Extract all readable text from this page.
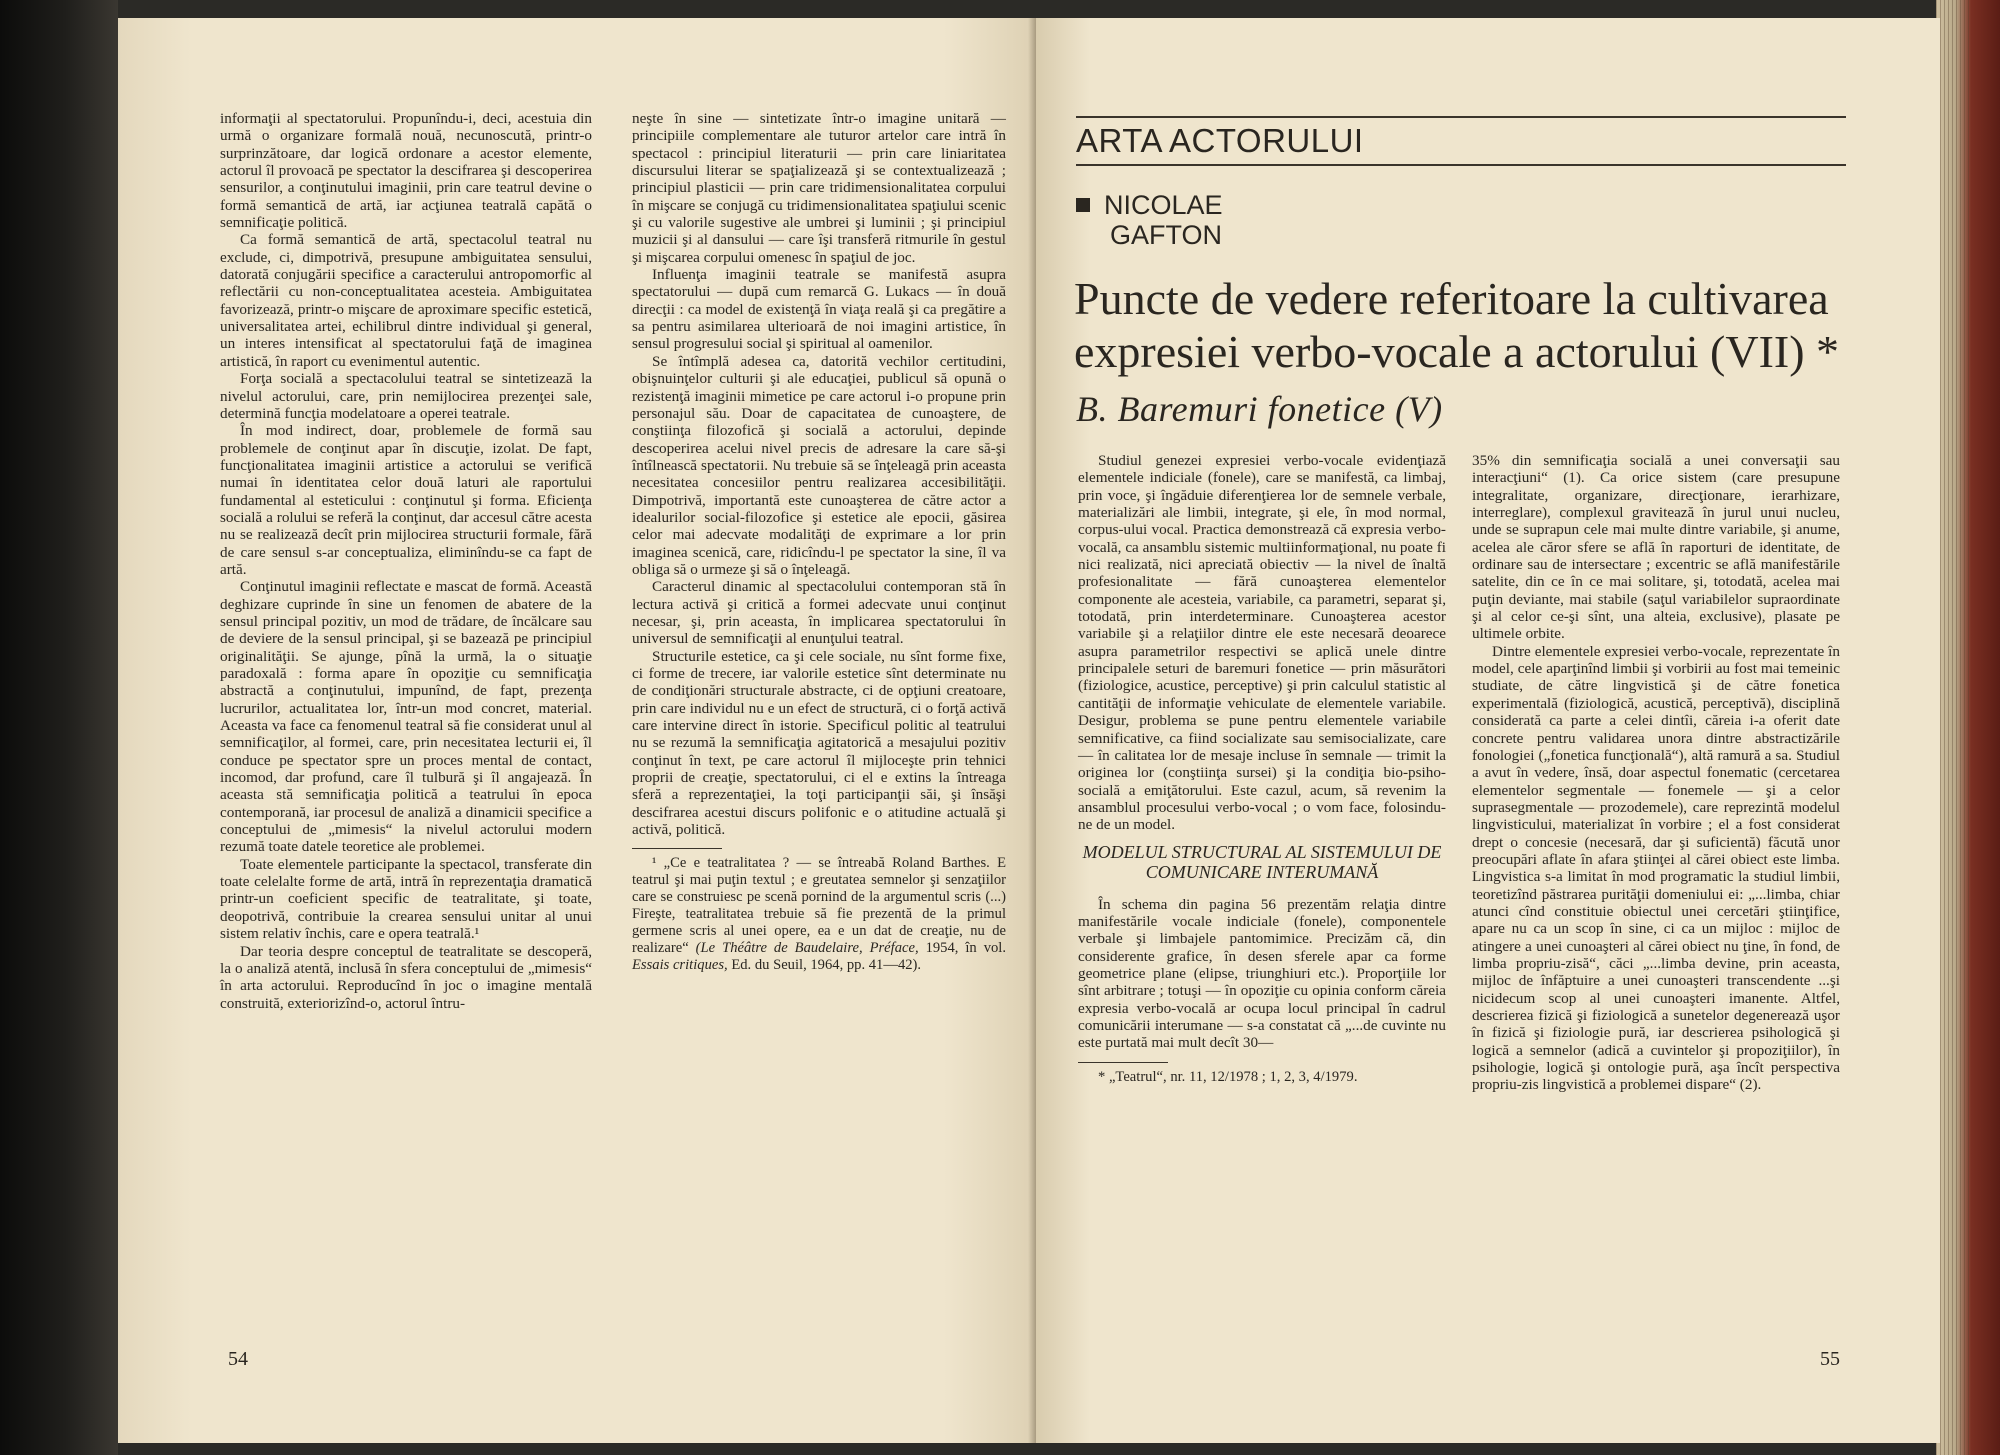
informaţii al spectatorului. Propunîndu-i, deci, acestuia din urmă o organizare formală nouă, necunoscută, printr-o surprinzătoare, dar logică ordonare a acestor elemente, actorul îl provoacă pe spectator la descifrarea şi descoperirea sensurilor, a conţinutului imaginii, prin care teatrul devine o formă semantică de artă, iar acţiunea teatrală capătă o semnificaţie politică.

Ca formă semantică de artă, spectacolul teatral nu exclude, ci, dimpotrivă, presupune ambiguitatea sensului, datorată conjugării specifice a caracterului antropomorfic al reflectării cu non-conceptualitatea acesteia. Ambiguitatea favorizează, printr-o mişcare de aproximare specific estetică, universalitatea artei, echilibrul dintre individual şi general, un interes intensificat al spectatorului faţă de imaginea artistică, în raport cu evenimentul autentic.

Forţa socială a spectacolului teatral se sintetizează la nivelul actorului, care, prin nemijlocirea prezenţei sale, determină funcţia modelatoare a operei teatrale.

În mod indirect, doar, problemele de formă sau problemele de conţinut apar în discuţie, izolat. De fapt, funcţionalitatea imaginii artistice a actorului se verifică numai în identitatea celor două laturi ale raportului fundamental al esteticului : conţinutul şi forma. Eficienţa socială a rolului se referă la conţinut, dar accesul către acesta nu se realizează decît prin mijlocirea structurii formale, fără de care sensul s-ar conceptualiza, eliminîndu-se ca fapt de artă.

Conţinutul imaginii reflectate e mascat de formă. Această deghizare cuprinde în sine un fenomen de abatere de la sensul principal pozitiv, un mod de trădare, de încălcare sau de deviere de la sensul principal, şi se bazează pe principiul originalităţii. Se ajunge, pînă la urmă, la o situaţie paradoxală : forma apare în opoziţie cu semnificaţia abstractă a conţinutului, impunînd, de fapt, prezenţa lucrurilor, actualitatea lor, într-un mod concret, material. Aceasta va face ca fenomenul teatral să fie considerat unul al semnificaţilor, al formei, care, prin necesitatea lecturii ei, îl conduce pe spectator spre un proces mental de contact, incomod, dar profund, care îl tulbură şi îl angajează. În aceasta stă semnificaţia politică a teatrului în epoca contemporană, iar procesul de analiză a dinamicii specifice a conceptului de „mimesis“ la nivelul actorului modern rezumă toate datele teoretice ale problemei.

Toate elementele participante la spectacol, transferate din toate celelalte forme de artă, intră în reprezentaţia dramatică printr-un coeficient specific de teatralitate, şi toate, deopotrivă, contribuie la crearea sensului unitar al unui sistem relativ închis, care e opera teatrală.¹

Dar teoria despre conceptul de teatralitate se descoperă, la o analiză atentă, inclusă în sfera conceptului de „mimesis“ în arta actorului. Reproducînd în joc o imagine mentală construită, exteriorizînd-o, actorul întru-

neşte în sine — sintetizate într-o imagine unitară — principiile complementare ale tuturor artelor care intră în spectacol : principiul literaturii — prin care liniaritatea discursului literar se spaţializează şi se contextualizează ; principiul plasticii — prin care tridimensionalitatea corpului în mişcare se conjugă cu tridimensionalitatea spaţiului scenic şi cu valorile sugestive ale umbrei şi luminii ; şi principiul muzicii şi al dansului — care îşi transferă ritmurile în gestul şi mişcarea corpului omenesc în spaţiul de joc.

Influenţa imaginii teatrale se manifestă asupra spectatorului — după cum remarcă G. Lukacs — în două direcţii : ca model de existenţă în viaţa reală şi ca pregătire a sa pentru asimilarea ulterioară de noi imagini artistice, în sensul progresului social şi spiritual al oamenilor.

Se întîmplă adesea ca, datorită vechilor certitudini, obişnuinţelor culturii şi ale educaţiei, publicul să opună o rezistenţă imaginii mimetice pe care actorul i-o propune prin personajul său. Doar de capacitatea de cunoaştere, de conştiinţa filozofică şi socială a actorului, depinde descoperirea acelui nivel precis de adresare la care să-şi întîlnească spectatorii. Nu trebuie să se înţeleagă prin aceasta necesitatea concesiilor pentru realizarea accesibilităţii. Dimpotrivă, importantă este cunoaşterea de către actor a idealurilor social-filozofice şi estetice ale epocii, găsirea celor mai adecvate modalităţi de exprimare a lor prin imaginea scenică, care, ridicîndu-l pe spectator la sine, îl va obliga să o urmeze şi să o înţeleagă.

Caracterul dinamic al spectacolului contemporan stă în lectura activă şi critică a formei adecvate unui conţinut necesar, şi, prin aceasta, în implicarea spectatorului în universul de semnificaţii al enunţului teatral.

Structurile estetice, ca şi cele sociale, nu sînt forme fixe, ci forme de trecere, iar valorile estetice sînt determinate nu de condiţionări structurale abstracte, ci de opţiuni creatoare, prin care individul nu e un efect de structură, ci o forţă activă care intervine direct în istorie. Specificul politic al teatrului nu se rezumă la semnificaţia agitatorică a mesajului pozitiv conţinut în text, pe care actorul îl mijloceşte prin tehnici proprii de creaţie, spectatorului, ci el e extins la întreaga sferă a reprezentaţiei, la toţi participanţii săi, şi însăşi descifrarea acestui discurs polifonic e o atitudine actuală şi activă, politică.

¹ „Ce e teatralitatea ? — se întreabă Roland Barthes. E teatrul şi mai puţin textul ; e greutatea semnelor şi senzaţiilor care se construiesc pe scenă pornind de la argumentul scris (...) Fireşte, teatralitatea trebuie să fie prezentă de la primul germene scris al unei opere, ea e un dat de creaţie, nu de realizare“ (Le Théâtre de Baudelaire, Préface, 1954, în vol. Essais critiques, Ed. du Seuil, 1964, pp. 41—42).

54
ARTA ACTORULUI
NICOLAE
GAFTON
Puncte de vedere referitoare la cultivarea expresiei verbo-vocale a actorului (VII) *
B. Baremuri fonetice (V)

Studiul genezei expresiei verbo-vocale evidenţiază elementele indiciale (fonele), care se manifestă, ca limbaj, prin voce, şi îngăduie diferenţierea lor de semnele verbale, materializări ale limbii, integrate, şi ele, în mod normal, corpus-ului vocal. Practica demonstrează că expresia verbo-vocală, ca ansamblu sistemic multiinformaţional, nu poate fi nici realizată, nici apreciată obiectiv — la nivel de înaltă profesionalitate — fără cunoaşterea elementelor componente ale acesteia, variabile, ca parametri, separat şi, totodată, prin interdeterminare. Cunoaşterea acestor variabile şi a relaţiilor dintre ele este necesară deoarece asupra parametrilor respectivi se aplică unele dintre principalele seturi de baremuri fonetice — prin măsurători (fiziologice, acustice, perceptive) şi prin calculul statistic al cantităţii de informaţie vehiculate de elementele variabile. Desigur, problema se pune pentru elementele variabile semnificative, ca fiind socializate sau semisocializate, care — în calitatea lor de mesaje incluse în semnale — trimit la originea lor (conştiinţa sursei) şi la condiţia bio-psiho-socială a emiţătorului. Este cazul, acum, să revenim la ansamblul procesului verbo-vocal ; o vom face, folosindu-ne de un model.

MODELUL STRUCTURAL AL SISTEMULUI DE COMUNICARE INTERUMANĂ

În schema din pagina 56 prezentăm relaţia dintre manifestările vocale indiciale (fonele), componentele verbale şi limbajele pantomimice. Precizăm că, din considerente grafice, în desen sferele apar ca forme geometrice plane (elipse, triunghiuri etc.). Proporţiile lor sînt arbitrare ; totuşi — în opoziţie cu opinia conform căreia expresia verbo-vocală ar ocupa locul principal în cadrul comunicării interumane — s-a constatat că „...de cuvinte nu este purtată mai mult decît 30—

* „Teatrul“, nr. 11, 12/1978 ; 1, 2, 3, 4/1979.

35% din semnificaţia socială a unei conversaţii sau interacţiuni“ (1). Ca orice sistem (care presupune integralitate, organizare, direcţionare, ierarhizare, interreglare), complexul gravitează în jurul unui nucleu, unde se suprapun cele mai multe dintre variabile, şi anume, acelea ale căror sfere se află în raporturi de identitate, de ordinare sau de intersectare ; excentric se află manifestările satelite, din ce în ce mai solitare, şi, totodată, acelea mai puţin deviante, mai stabile (saţul variabilelor supraordinate şi al celor ce-şi sînt, una alteia, exclusive), plasate pe ultimele orbite.

Dintre elementele expresiei verbo-vocale, reprezentate în model, cele aparţinînd limbii şi vorbirii au fost mai temeinic studiate, de către lingvistică şi de către fonetica experimentală (fiziologică, acustică, perceptivă), disciplină considerată ca parte a celei dintîi, căreia i-a oferit date concrete pentru validarea unora dintre abstractizările fonologiei („fonetica funcţională“), altă ramură a sa. Studiul a avut în vedere, însă, doar aspectul fonematic (cercetarea elementelor segmentale — fonemele — şi a celor suprasegmentale — prozodemele), care reprezintă modelul lingvisticului, materializat în vorbire ; el a fost considerat drept o concesie (necesară, dar şi suficientă) făcută unor preocupări aflate în afara ştiinţei al cărei obiect este limba. Lingvistica s-a limitat în mod programatic la studiul limbii, teoretizînd păstrarea purităţii domeniului ei: „...limba, chiar atunci cînd constituie obiectul unei cercetări ştiinţifice, apare nu ca un scop în sine, ci ca un mijloc : mijloc de atingere a unei cunoaşteri al cărei obiect nu ţine, în fond, de limba propriu-zisă“, căci „...limba devine, prin aceasta, mijloc de înfăptuire a unei cunoaşteri transcendente ...şi nicidecum scop al unei cunoaşteri imanente. Altfel, descrierea fizică şi fiziologică a sunetelor degenerează uşor în fizică şi fiziologie pură, iar descrierea psihologică şi logică a semnelor (adică a cuvintelor şi propoziţiilor), în psihologie, logică şi ontologie pură, aşa încît perspectiva propriu-zis lingvistică a problemei dispare“ (2).

55
